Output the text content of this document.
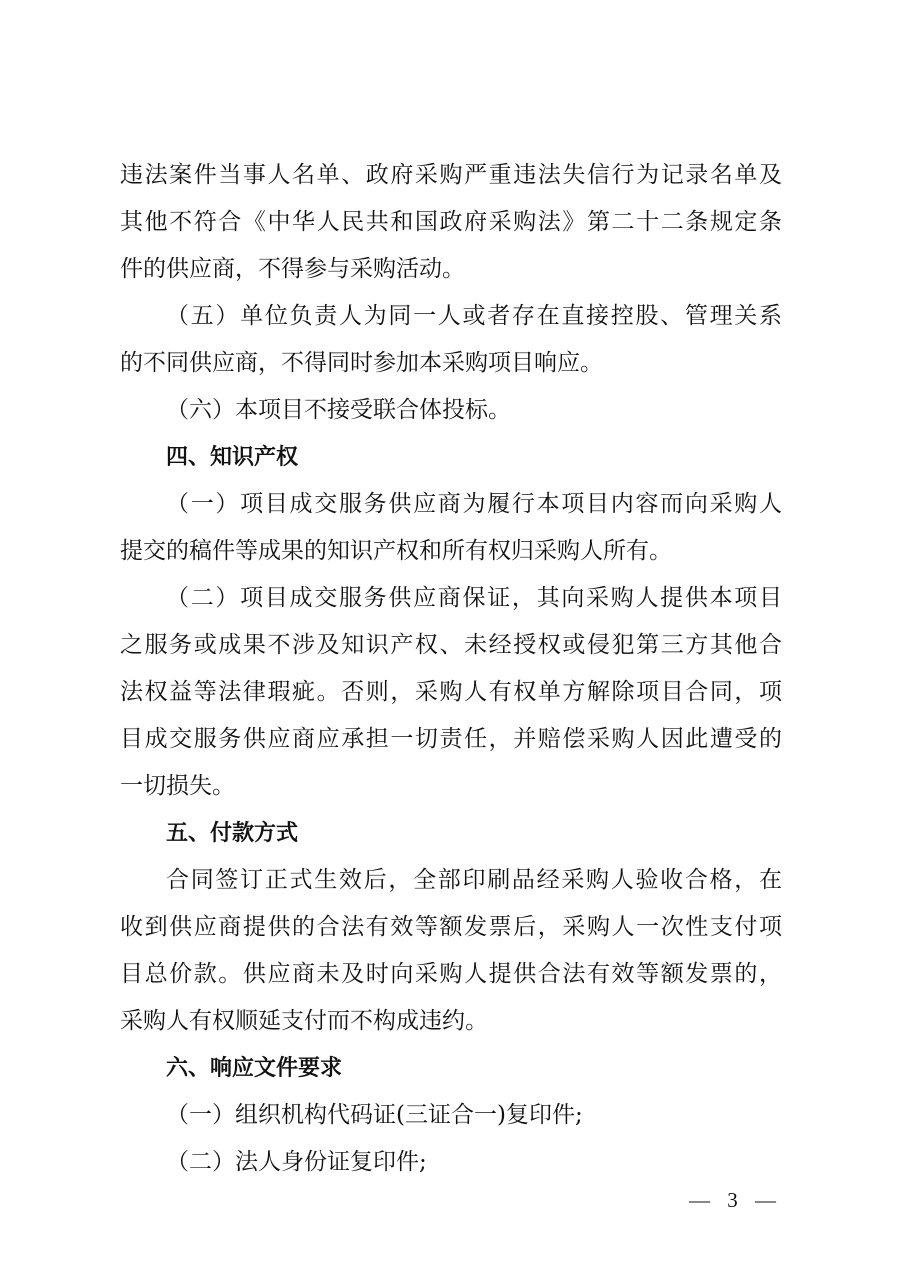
违法案件当事人名单、政府采购严重违法失信行为记录名单及
其他不符合《中华人民共和国政府采购法》第二十二条规定条
件的供应商，不得参与采购活动。
（五）单位负责人为同一人或者存在直接控股、管理关系
的不同供应商，不得同时参加本采购项目响应。
（六）本项目不接受联合体投标。
四、知识产权
（一）项目成交服务供应商为履行本项目内容而向采购人
提交的稿件等成果的知识产权和所有权归采购人所有。
（二）项目成交服务供应商保证，其向采购人提供本项目
之服务或成果不涉及知识产权、未经授权或侵犯第三方其他合
法权益等法律瑕疵。否则，采购人有权单方解除项目合同，项
目成交服务供应商应承担一切责任，并赔偿采购人因此遭受的
一切损失。
五、付款方式
合同签订正式生效后，全部印刷品经采购人验收合格，在
收到供应商提供的合法有效等额发票后，采购人一次性支付项
目总价款。供应商未及时向采购人提供合法有效等额发票的，
采购人有权顺延支付而不构成违约。
六、响应文件要求
（一）组织机构代码证(三证合一)复印件;
（二）法人身份证复印件;
— 3 —
